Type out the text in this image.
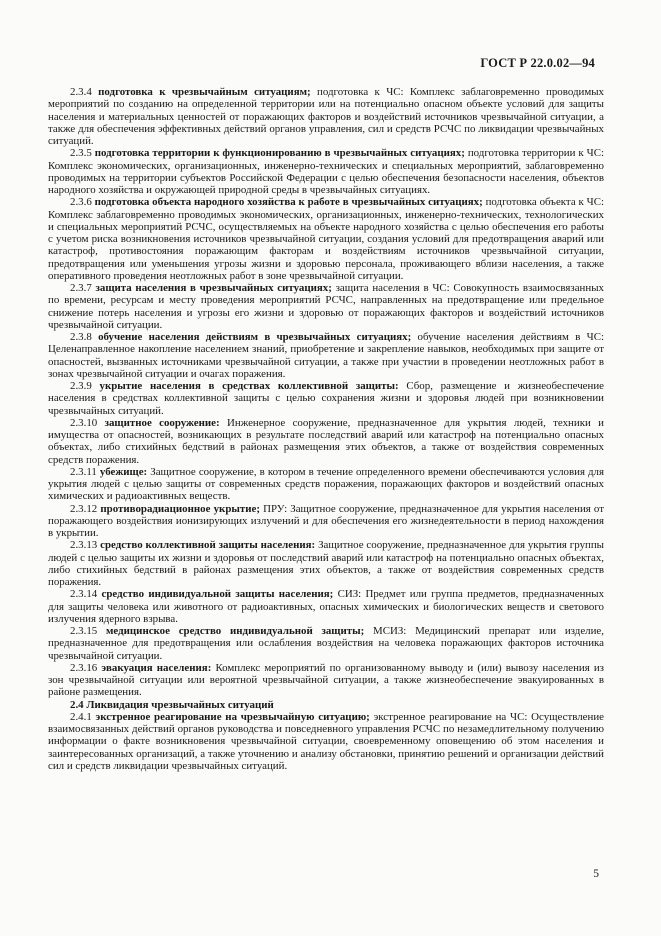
ГОСТ Р 22.0.02—94

2.3.4 подготовка к чрезвычайным ситуациям; подготовка к ЧС: Комплекс заблаговременно проводимых мероприятий по созданию на определенной территории или на потенциально опасном объекте условий для защиты населения и материальных ценностей от поражающих факторов и воздействий источников чрезвычайной ситуации, а также для обеспечения эффективных действий органов управления, сил и средств РСЧС по ликвидации чрезвычайных ситуаций.

2.3.5 подготовка территории к функционированию в чрезвычайных ситуациях; подготовка территории к ЧС: Комплекс экономических, организационных, инженерно-технических и специальных мероприятий, заблаговременно проводимых на территории субъектов Российской Федерации с целью обеспечения безопасности населения, объектов народного хозяйства и окружающей природной среды в чрезвычайных ситуациях.

2.3.6 подготовка объекта народного хозяйства к работе в чрезвычайных ситуациях; подготовка объекта к ЧС: Комплекс заблаговременно проводимых экономических, организационных, инженерно-технических, технологических и специальных мероприятий РСЧС, осуществляемых на объекте народного хозяйства с целью обеспечения его работы с учетом риска возникновения источников чрезвычайной ситуации, создания условий для предотвращения аварий или катастроф, противостояния поражающим факторам и воздействиям источников чрезвычайной ситуации, предотвращения или уменьшения угрозы жизни и здоровью персонала, проживающего вблизи населения, а также оперативного проведения неотложных работ в зоне чрезвычайной ситуации.

2.3.7 защита населения в чрезвычайных ситуациях; защита населения в ЧС: Совокупность взаимосвязанных по времени, ресурсам и месту проведения мероприятий РСЧС, направленных на предотвращение или предельное снижение потерь населения и угрозы его жизни и здоровью от поражающих факторов и воздействий источников чрезвычайной ситуации.

2.3.8 обучение населения действиям в чрезвычайных ситуациях; обучение населения действиям в ЧС: Целенаправленное накопление населением знаний, приобретение и закрепление навыков, необходимых при защите от опасностей, вызванных источниками чрезвычайной ситуации, а также при участии в проведении неотложных работ в зонах чрезвычайной ситуации и очагах поражения.

2.3.9 укрытие населения в средствах коллективной защиты: Сбор, размещение и жизнеобеспечение населения в средствах коллективной защиты с целью сохранения жизни и здоровья людей при возникновении чрезвычайных ситуаций.

2.3.10 защитное сооружение: Инженерное сооружение, предназначенное для укрытия людей, техники и имущества от опасностей, возникающих в результате последствий аварий или катастроф на потенциально опасных объектах, либо стихийных бедствий в районах размещения этих объектов, а также от воздействия современных средств поражения.

2.3.11 убежище: Защитное сооружение, в котором в течение определенного времени обеспечиваются условия для укрытия людей с целью защиты от современных средств поражения, поражающих факторов и воздействий опасных химических и радиоактивных веществ.

2.3.12 противорадиационное укрытие; ПРУ: Защитное сооружение, предназначенное для укрытия населения от поражающего воздействия ионизирующих излучений и для обеспечения его жизнедеятельности в период нахождения в укрытии.

2.3.13 средство коллективной защиты населения: Защитное сооружение, предназначенное для укрытия группы людей с целью защиты их жизни и здоровья от последствий аварий или катастроф на потенциально опасных объектах, либо стихийных бедствий в районах размещения этих объектов, а также от воздействия современных средств поражения.

2.3.14 средство индивидуальной защиты населения; СИЗ: Предмет или группа предметов, предназначенных для защиты человека или животного от радиоактивных, опасных химических и биологических веществ и светового излучения ядерного взрыва.

2.3.15 медицинское средство индивидуальной защиты; МСИЗ: Медицинский препарат или изделие, предназначенное для предотвращения или ослабления воздействия на человека поражающих факторов источника чрезвычайной ситуации.

2.3.16 эвакуация населения: Комплекс мероприятий по организованному выводу и (или) вывозу населения из зон чрезвычайной ситуации или вероятной чрезвычайной ситуации, а также жизнеобеспечение эвакуированных в районе размещения.

2.4 Ликвидация чрезвычайных ситуаций

2.4.1 экстренное реагирование на чрезвычайную ситуацию; экстренное реагирование на ЧС: Осуществление взаимосвязанных действий органов руководства и повседневного управления РСЧС по незамедлительному получению информации о факте возникновения чрезвычайной ситуации, своевременному оповещению об этом населения и заинтересованных организаций, а также уточнению и анализу обстановки, принятию решений и организации действий сил и средств ликвидации чрезвычайных ситуаций.

5
